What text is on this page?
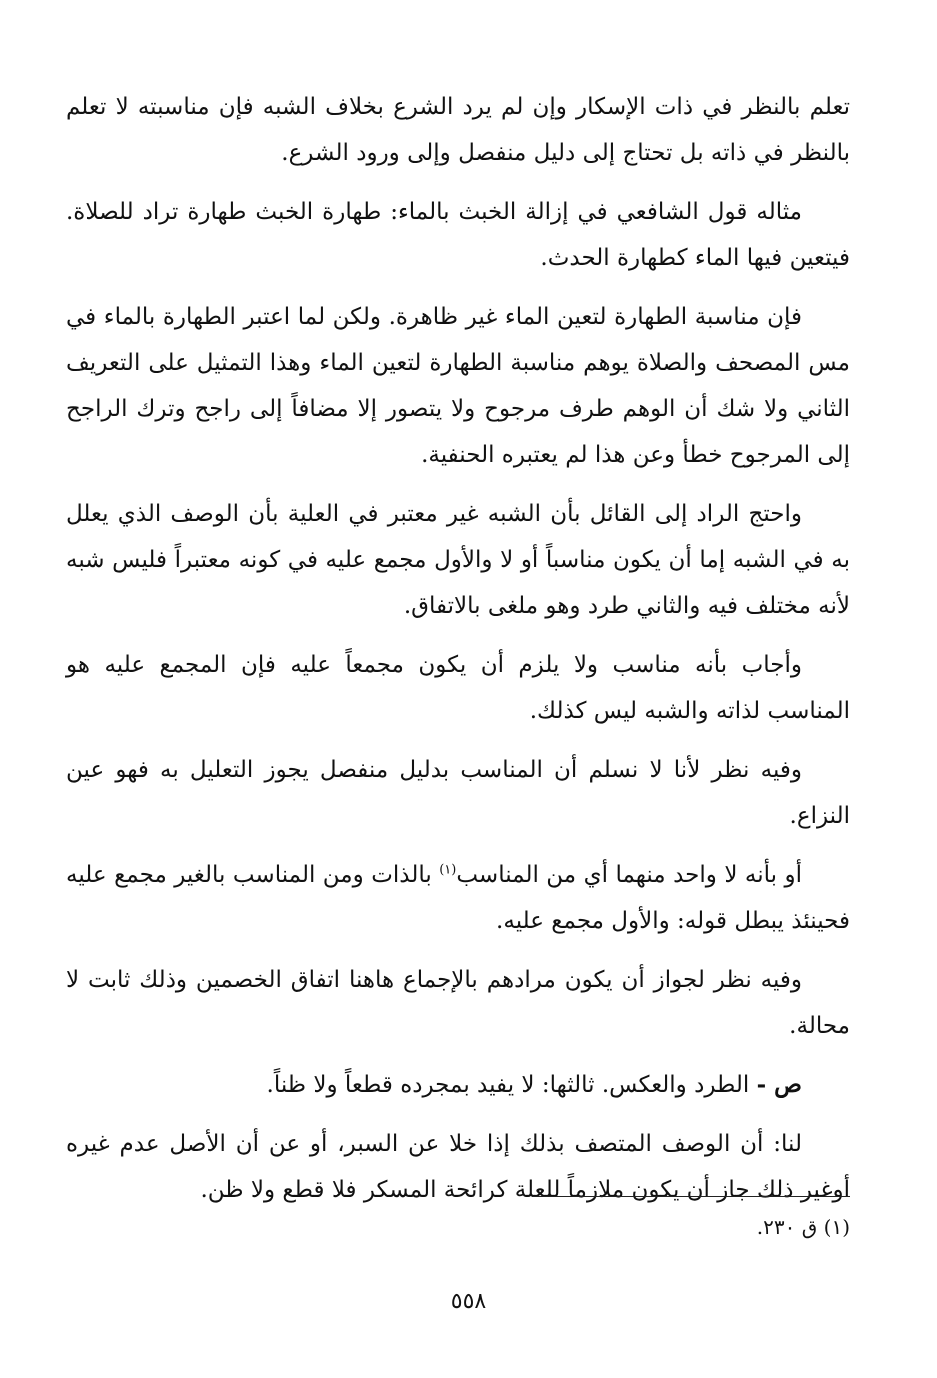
تعلم بالنظر في ذات الإسكار وإن لم يرد الشرع بخلاف الشبه فإن مناسبته لا تعلم بالنظر في ذاته بل تحتاج إلى دليل منفصل وإلى ورود الشرع.

مثاله قول الشافعي في إزالة الخبث بالماء: طهارة الخبث طهارة تراد للصلاة. فيتعين فيها الماء كطهارة الحدث.

فإن مناسبة الطهارة لتعين الماء غير ظاهرة. ولكن لما اعتبر الطهارة بالماء في مس المصحف والصلاة يوهم مناسبة الطهارة لتعين الماء وهذا التمثيل على التعريف الثاني ولا شك أن الوهم طرف مرجوح ولا يتصور إلا مضافاً إلى راجح وترك الراجح إلى المرجوح خطأ وعن هذا لم يعتبره الحنفية.

واحتج الراد إلى القائل بأن الشبه غير معتبر في العلية بأن الوصف الذي يعلل به في الشبه إما أن يكون مناسباً أو لا والأول مجمع عليه في كونه معتبراً فليس شبه لأنه مختلف فيه والثاني طرد وهو ملغى بالاتفاق.

وأجاب بأنه مناسب ولا يلزم أن يكون مجمعاً عليه فإن المجمع عليه هو المناسب لذاته والشبه ليس كذلك.

وفيه نظر لأنا لا نسلم أن المناسب بدليل منفصل يجوز التعليل به فهو عين النزاع.

أو بأنه لا واحد منهما أي من المناسب$^{(١)}$ بالذات ومن المناسب بالغير مجمع عليه فحينئذ يبطل قوله: والأول مجمع عليه.

وفيه نظر لجواز أن يكون مرادهم بالإجماع هاهنا اتفاق الخصمين وذلك ثابت لا محالة.

ص - الطرد والعكس. ثالثها: لا يفيد بمجرده قطعاً ولا ظناً.

لنا: أن الوصف المتصف بذلك إذا خلا عن السبر، أو عن أن الأصل عدم غيره أوغير ذلك جاز أن يكون ملازماً للعلة كرائحة المسكر فلا قطع ولا ظن.

(١) ق ٢٣٠.
٥٥٨
